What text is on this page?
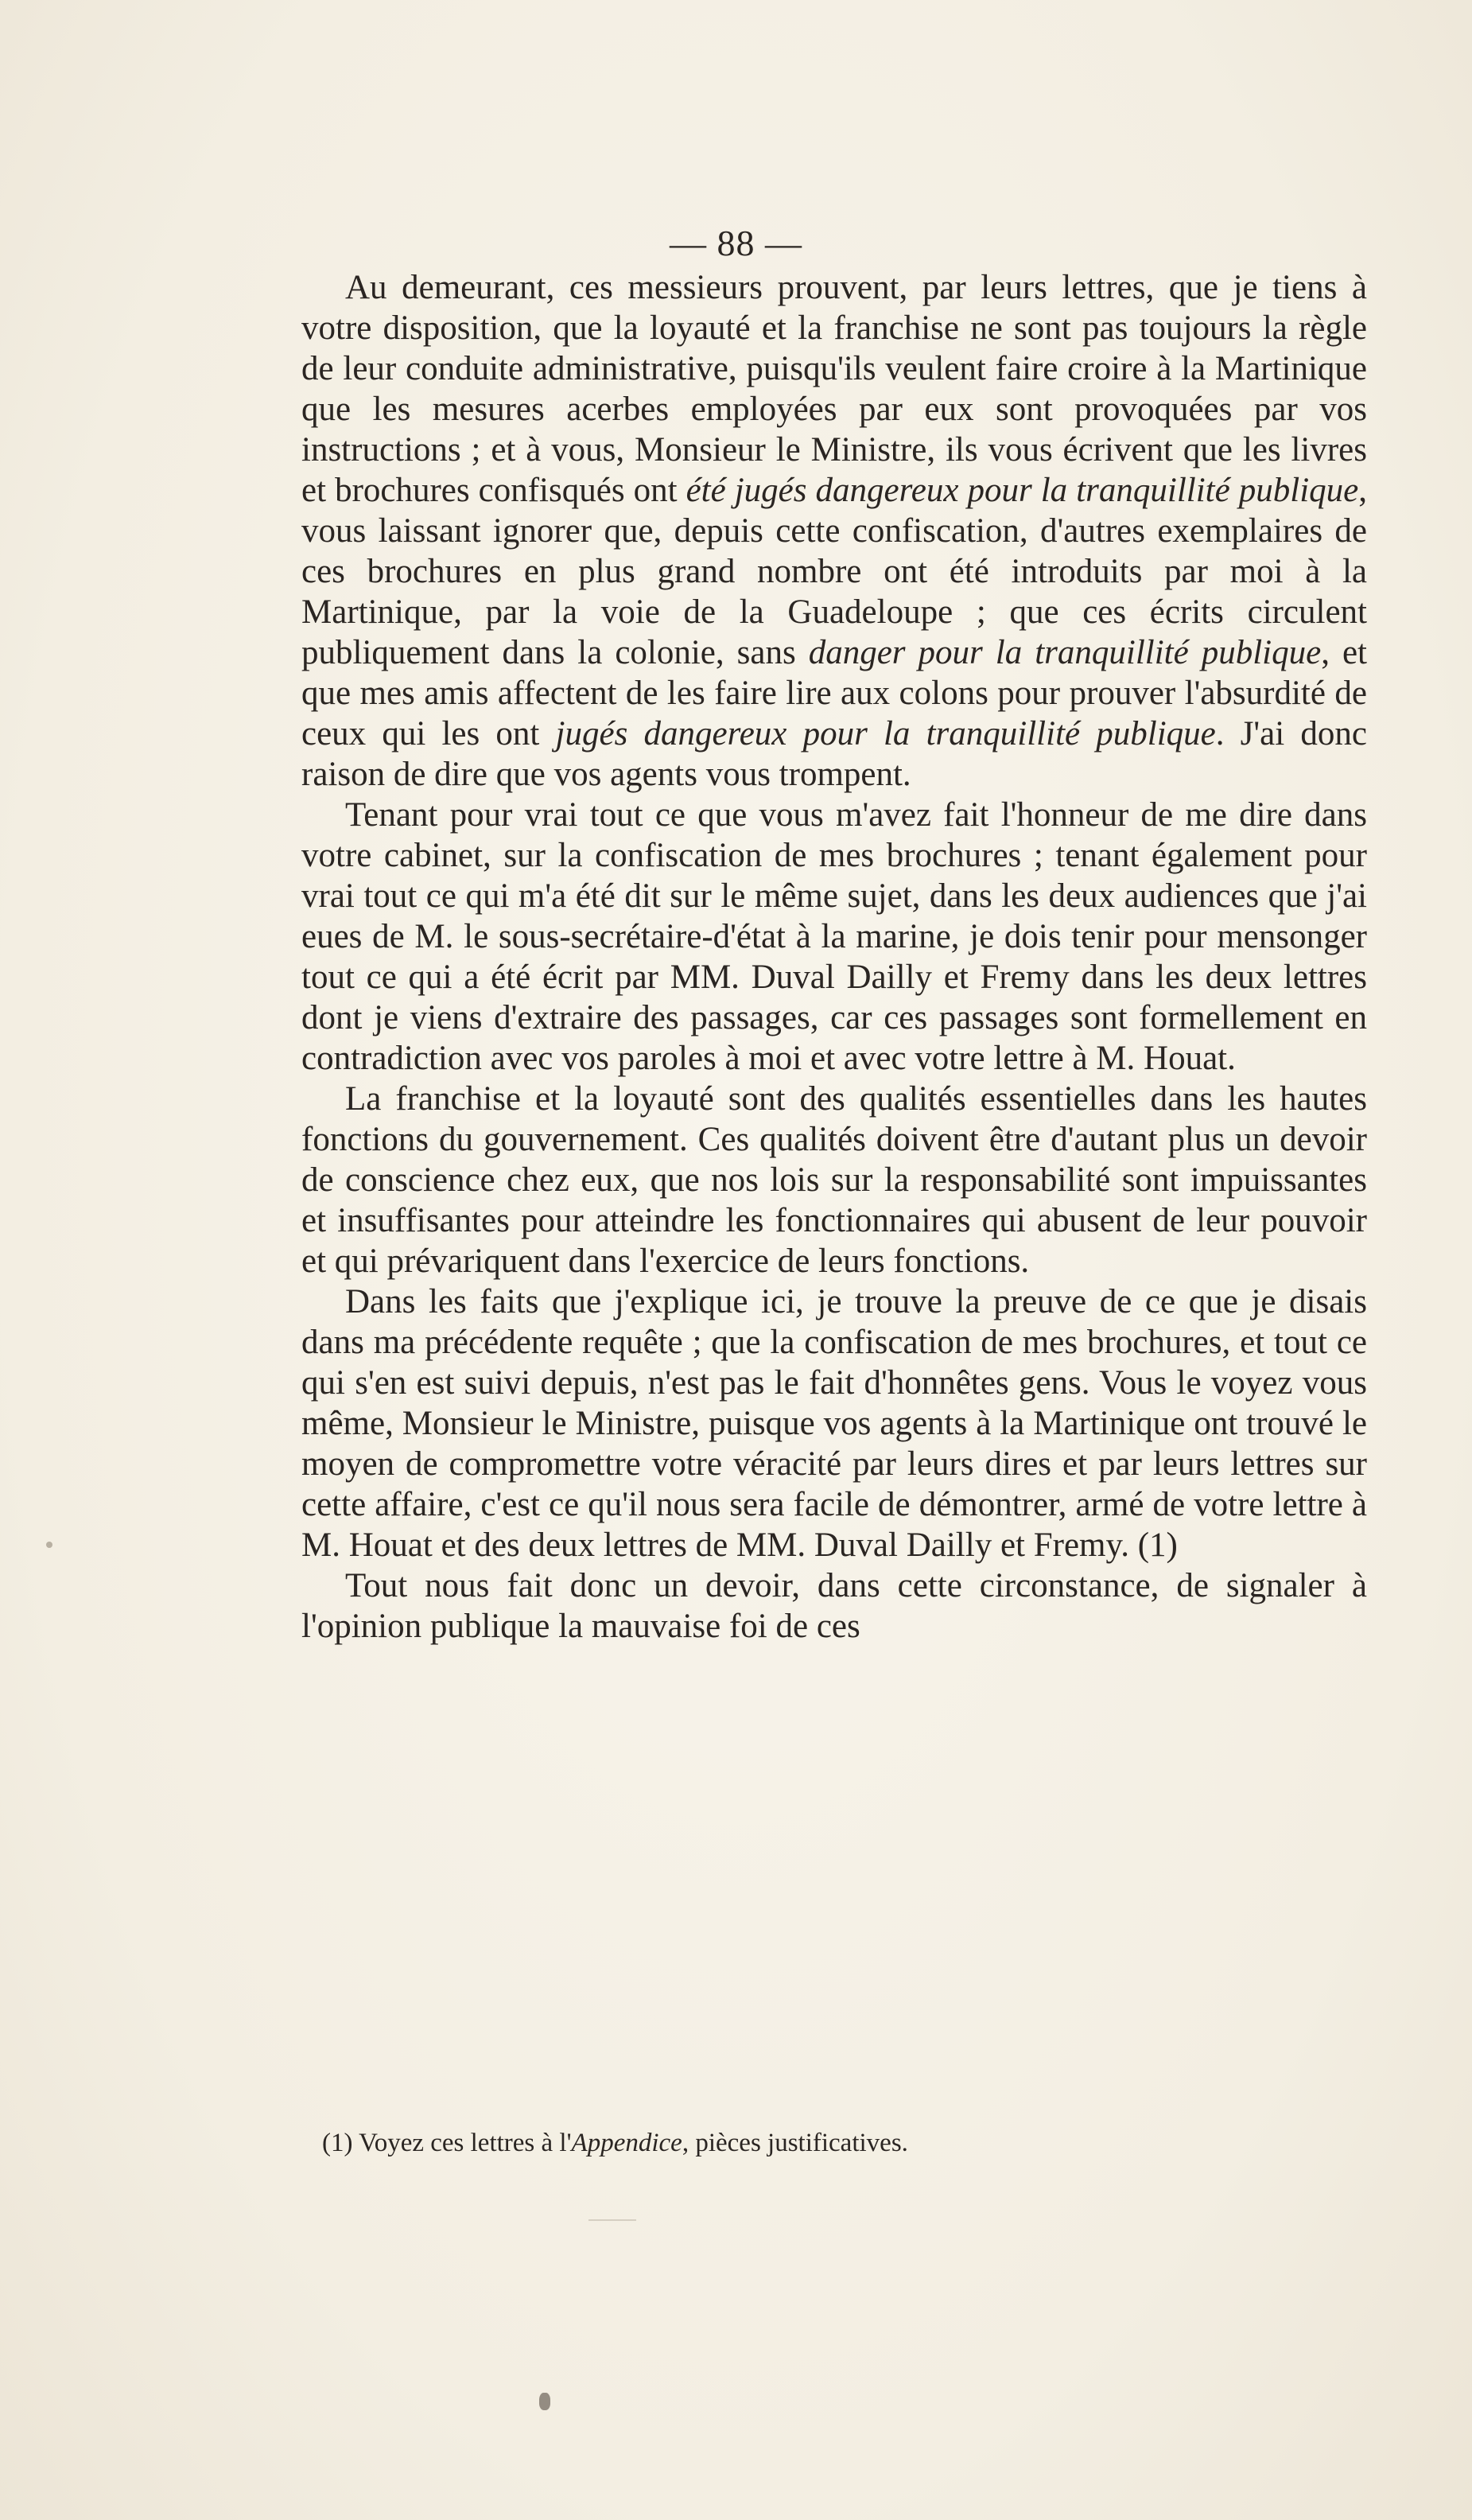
— 88 —

Au demeurant, ces messieurs prouvent, par leurs lettres, que je tiens à votre disposition, que la loyauté et la franchise ne sont pas toujours la règle de leur conduite administrative, puisqu'ils veulent faire croire à la Martinique que les mesures acerbes employées par eux sont provoquées par vos instructions ; et à vous, Monsieur le Ministre, ils vous écrivent que les livres et brochures confisqués ont été jugés dangereux pour la tranquillité publique, vous laissant ignorer que, depuis cette confiscation, d'autres exemplaires de ces brochures en plus grand nombre ont été introduits par moi à la Martinique, par la voie de la Guadeloupe ; que ces écrits circulent publiquement dans la colonie, sans danger pour la tranquillité publique, et que mes amis affectent de les faire lire aux colons pour prouver l'absurdité de ceux qui les ont jugés dangereux pour la tranquillité publique. J'ai donc raison de dire que vos agents vous trompent.

Tenant pour vrai tout ce que vous m'avez fait l'honneur de me dire dans votre cabinet, sur la confiscation de mes brochures ; tenant également pour vrai tout ce qui m'a été dit sur le même sujet, dans les deux audiences que j'ai eues de M. le sous-secrétaire-d'état à la marine, je dois tenir pour mensonger tout ce qui a été écrit par MM. Duval Dailly et Fremy dans les deux lettres dont je viens d'extraire des passages, car ces passages sont formellement en contradiction avec vos paroles à moi et avec votre lettre à M. Houat.

La franchise et la loyauté sont des qualités essentielles dans les hautes fonctions du gouvernement. Ces qualités doivent être d'autant plus un devoir de conscience chez eux, que nos lois sur la responsabilité sont impuissantes et insuffisantes pour atteindre les fonctionnaires qui abusent de leur pouvoir et qui prévariquent dans l'exercice de leurs fonctions.

Dans les faits que j'explique ici, je trouve la preuve de ce que je disais dans ma précédente requête ; que la confiscation de mes brochures, et tout ce qui s'en est suivi depuis, n'est pas le fait d'honnêtes gens. Vous le voyez vous même, Monsieur le Ministre, puisque vos agents à la Martinique ont trouvé le moyen de compromettre votre véracité par leurs dires et par leurs lettres sur cette affaire, c'est ce qu'il nous sera facile de démontrer, armé de votre lettre à M. Houat et des deux lettres de MM. Duval Dailly et Fremy. (1)

Tout nous fait donc un devoir, dans cette circonstance, de signaler à l'opinion publique la mauvaise foi de ces

(1) Voyez ces lettres à l'Appendice, pièces justificatives.
